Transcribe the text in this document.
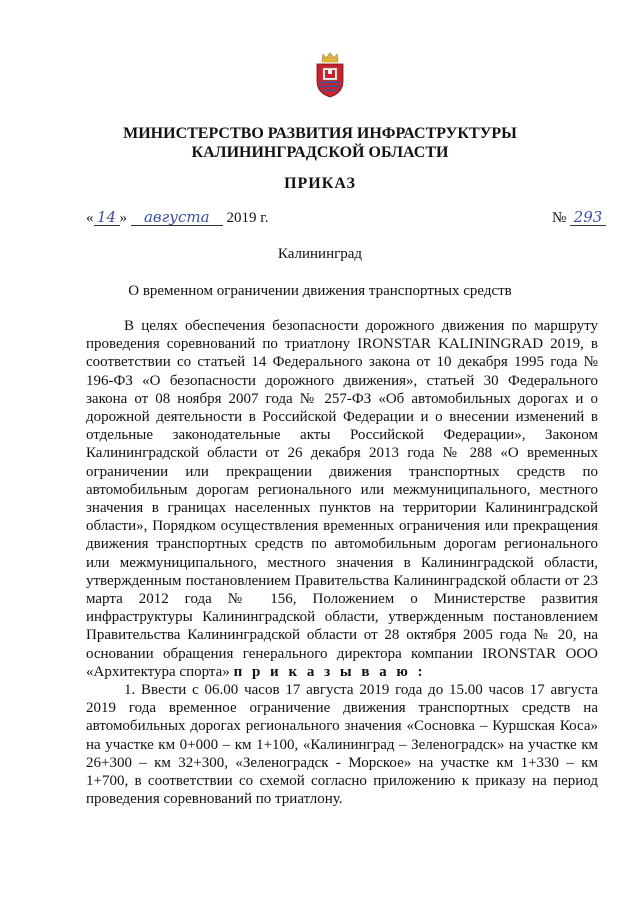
МИНИСТЕРСТВО РАЗВИТИЯ ИНФРАСТРУКТУРЫ
КАЛИНИНГРАДСКОЙ ОБЛАСТИ
ПРИКАЗ
« 14 » августа 2019 г.	№ 293
Калининград
О временном ограничении движения транспортных средств

В целях обеспечения безопасности дорожного движения по маршруту проведения соревнований по триатлону IRONSTAR KALININGRAD 2019, в соответствии со статьей 14 Федерального закона от 10 декабря 1995 года № 196-ФЗ «О безопасности дорожного движения», статьей 30 Федерального закона от 08 ноября 2007 года № 257-ФЗ «Об автомобильных дорогах и о дорожной деятельности в Российской Федерации и о внесении изменений в отдельные законодательные акты Российской Федерации», Законом Калининградской области от 26 декабря 2013 года № 288 «О временных ограничении или прекращении движения транспортных средств по автомобильным дорогам регионального или межмуниципального, местного значения в границах населенных пунктов на территории Калининградской области», Порядком осуществления временных ограничения или прекращения движения транспортных средств по автомобильным дорогам регионального или межмуниципального, местного значения в Калининградской области, утвержденным постановлением Правительства Калининградской области от 23 марта 2012 года № 156, Положением о Министерстве развития инфраструктуры Калининградской области, утвержденным постановлением Правительства Калининградской области от 28 октября 2005 года № 20, на основании обращения генерального директора компании IRONSTAR ООО «Архитектура спорта» п р и к а з ы в а ю :

1. Ввести с 06.00 часов 17 августа 2019 года до 15.00 часов 17 августа 2019 года временное ограничение движения транспортных средств на автомобильных дорогах регионального значения «Сосновка – Куршская Коса» на участке км 0+000 – км 1+100, «Калининград – Зеленоградск» на участке км 26+300 – км 32+300, «Зеленоградск - Морское» на участке км 1+330 – км 1+700, в соответствии со схемой согласно приложению к приказу на период проведения соревнований по триатлону.
